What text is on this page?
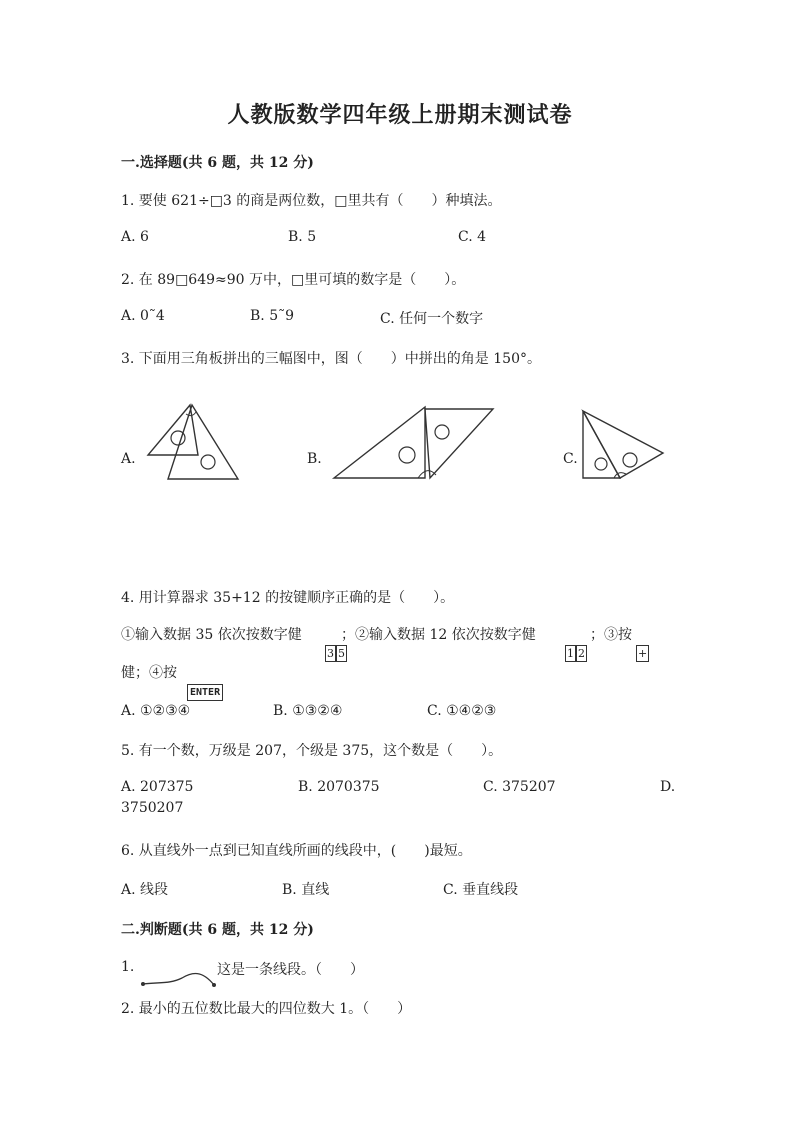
人教版数学四年级上册期末测试卷
一.选择题(共 6 题，共 12 分)
1. 要使 621÷□3 的商是两位数，□里共有（　　）种填法。
A. 6	B. 5	C. 4
2. 在 89□649≈90 万中，□里可填的数字是（　　）。
A. 0˜4	B. 5˜9	C. 任何一个数字
3. 下面用三角板拼出的三幅图中，图（　　）中拼出的角是 150°。
A.	B.	C.
4. 用计算器求 35+12 的按键顺序正确的是（　　）。
①输入数据 35 依次按数字健	；②输入数据 12 依次按数字健	；③按
3 5	1 2	+
健；④按
ENTER
A. ①②③④	B. ①③②④	C. ①④②③
5. 有一个数，万级是 207，个级是 375，这个数是（　　）。
A. 207375	B. 2070375	C. 375207	D.
3750207
6. 从直线外一点到已知直线所画的线段中，(　　)最短。
A. 线段	B. 直线	C. 垂直线段
二.判断题(共 6 题，共 12 分)
1.	这是一条线段。（　　）
2. 最小的五位数比最大的四位数大 1。（　　）
